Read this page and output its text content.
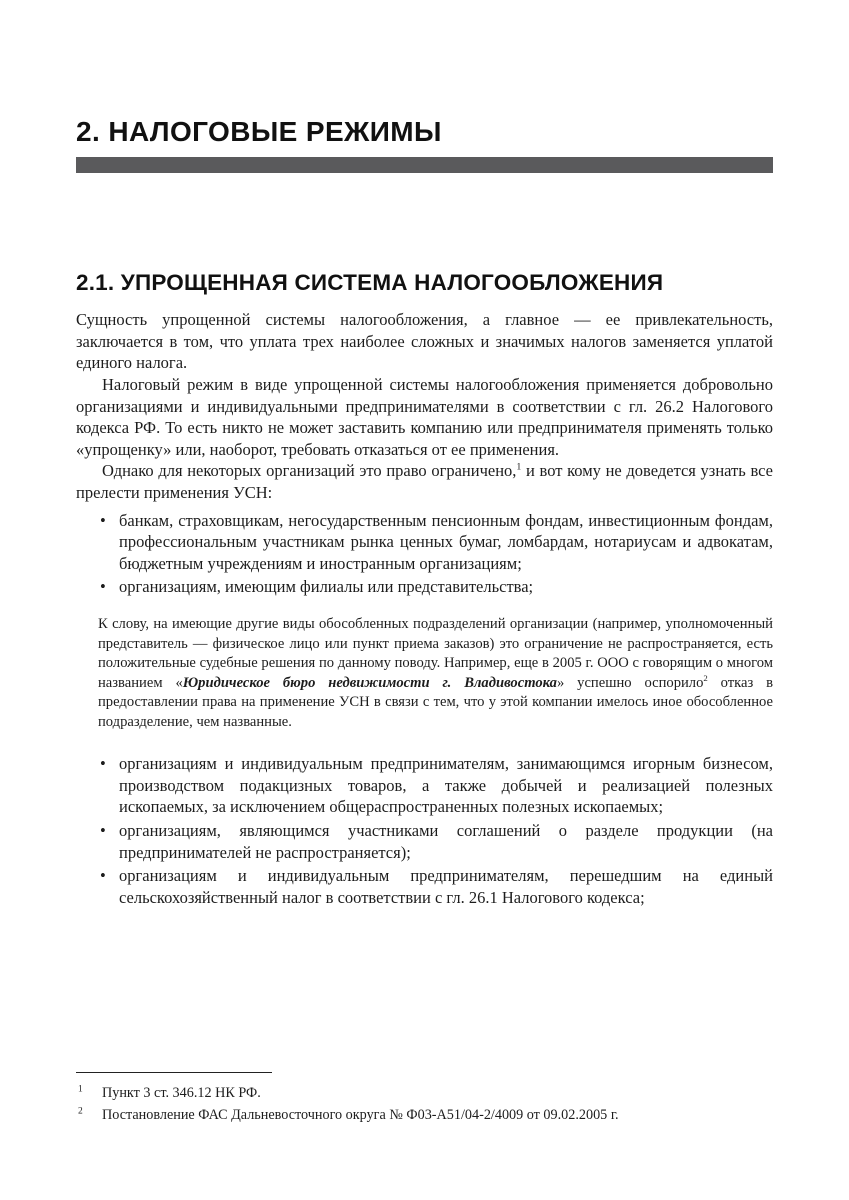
2. НАЛОГОВЫЕ РЕЖИМЫ
2.1. УПРОЩЕННАЯ СИСТЕМА НАЛОГООБЛОЖЕНИЯ

Сущность упрощенной системы налогообложения, а главное — ее привлекательность, заключается в том, что уплата трех наиболее сложных и значимых налогов заменяется уплатой единого налога.

Налоговый режим в виде упрощенной системы налогообложения применяется добровольно организациями и индивидуальными предпринимателями в соответствии с гл. 26.2 Налогового кодекса РФ. То есть никто не может заставить компанию или предпринимателя применять только «упрощенку» или, наоборот, требовать отказаться от ее применения.

Однако для некоторых организаций это право ограничено,$^1$ и вот кому не доведется узнать все прелести применения УСН:

• банкам, страховщикам, негосударственным пенсионным фондам, инвестиционным фондам, профессиональным участникам рынка ценных бумаг, ломбардам, нотариусам и адвокатам, бюджетным учреждениям и иностранным организациям;
• организациям, имеющим филиалы или представительства;
К слову, на имеющие другие виды обособленных подразделений организации (например, уполномоченный представитель — физическое лицо или пункт приема заказов) это ограничение не распространяется, есть положительные судебные решения по данному поводу. Например, еще в 2005 г. ООО с говорящим о многом названием «Юридическое бюро недвижимости г. Владивостока» успешно оспорило$^2$ отказ в предоставлении права на применение УСН в связи с тем, что у этой компании имелось иное обособленное подразделение, чем названные.
• организациям и индивидуальным предпринимателям, занимающимся игорным бизнесом, производством подакцизных товаров, а также добычей и реализацией полезных ископаемых, за исключением общераспространенных полезных ископаемых;
• организациям, являющимся участниками соглашений о разделе продукции (на предпринимателей не распространяется);
• организациям и индивидуальным предпринимателям, перешедшим на единый сельскохозяйственный налог в соответствии с гл. 26.1 Налогового кодекса;
$^1$	Пункт 3 ст. 346.12 НК РФ.
$^2$	Постановление ФАС Дальневосточного округа № Ф03-А51/04-2/4009 от 09.02.2005 г.
